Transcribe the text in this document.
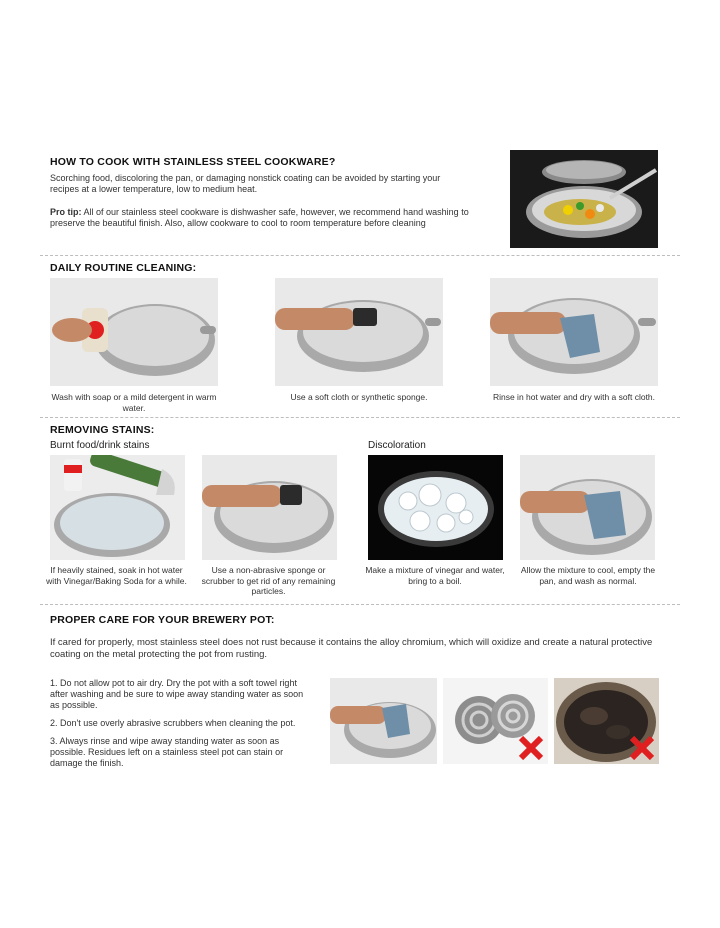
HOW TO COOK WITH STAINLESS STEEL COOKWARE?
Scorching food, discoloring the pan, or damaging nonstick coating can be avoided by starting your recipes at a lower temperature, low to medium heat.
Pro tip: All of our stainless steel cookware is dishwasher safe, however, we recommend hand washing to preserve the beautiful finish. Also, allow cookware to cool to room temperature before cleaning
DAILY ROUTINE CLEANING:
Wash with soap or a mild detergent in warm water.
Use a soft cloth or synthetic sponge.	Rinse in hot water and dry with a soft cloth.
REMOVING STAINS:
Burnt food/drink stains	Discoloration
If heavily stained, soak in hot water with Vinegar/Baking Soda for a while.
Use a non-abrasive sponge or scrubber to get rid of any remaining particles.
Make a mixture of vinegar and water, bring to a boil.
Allow the mixture to cool, empty the pan, and wash as normal.
PROPER CARE FOR YOUR BREWERY POT:
If cared for properly, most stainless steel does not rust because it contains the alloy chromium, which will oxidize and create a natural protective coating on the metal protecting the pot from rusting.
1. Do not allow pot to air dry. Dry the pot with a soft towel right after washing and be sure to wipe away standing water as soon as possible.
2. Don't use overly abrasive scrubbers when cleaning the pot.
3. Always rinse and wipe away standing water as soon as possible. Residues left on a stainless steel pot can stain or damage the finish.
